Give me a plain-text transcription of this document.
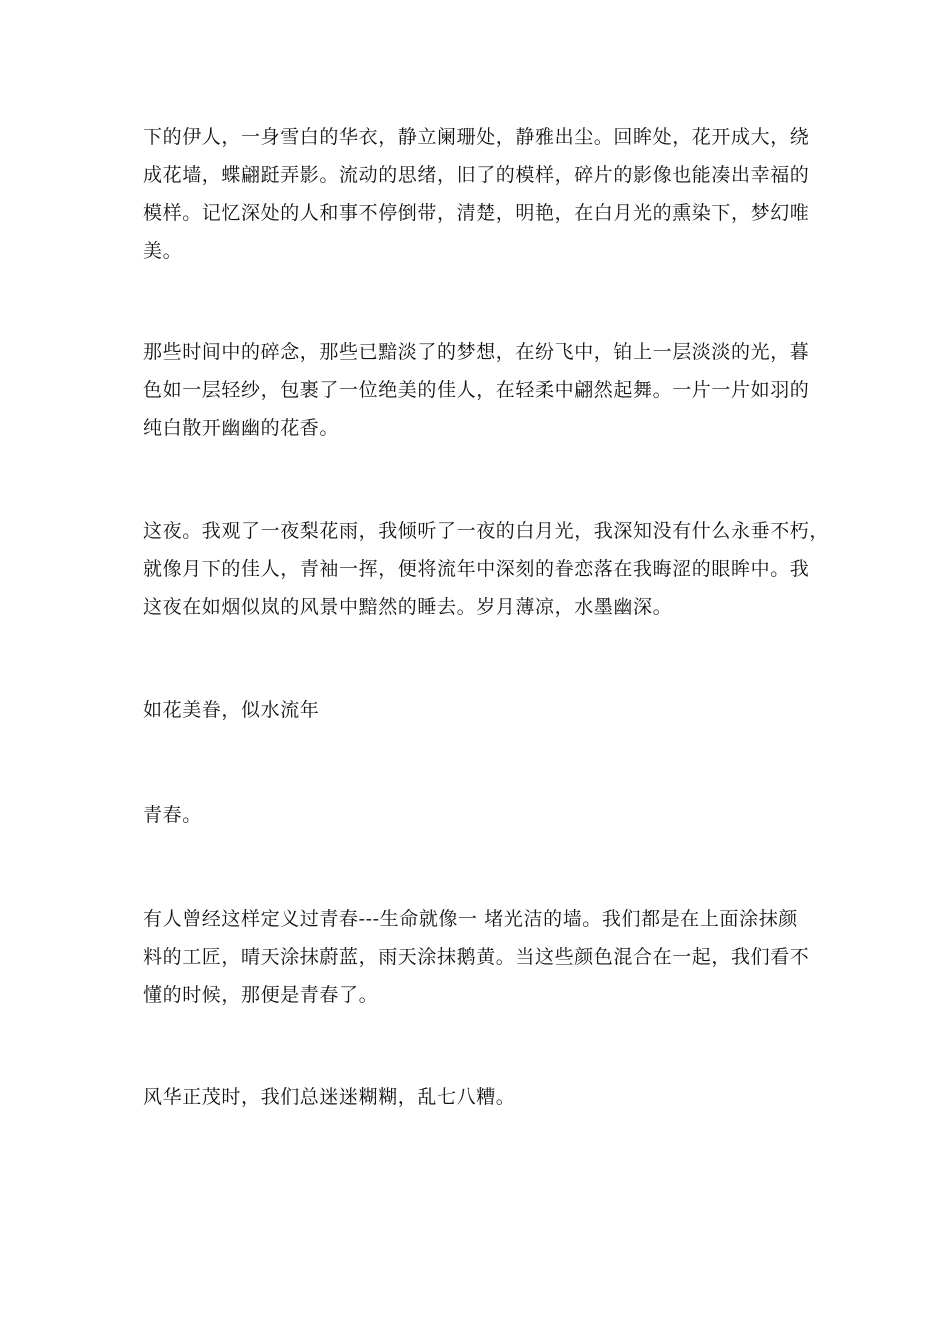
下的伊人，一身雪白的华衣，静立阑珊处，静雅出尘。回眸处，花开成大，绕
成花墙，蝶翩跹弄影。流动的思绪，旧了的模样，碎片的影像也能凑出幸福的
模样。记忆深处的人和事不停倒带，清楚，明艳，在白月光的熏染下，梦幻唯
美。

那些时间中的碎念，那些已黯淡了的梦想，在纷飞中，铂上一层淡淡的光，暮
色如一层轻纱，包裹了一位绝美的佳人，在轻柔中翩然起舞。一片一片如羽的
纯白散开幽幽的花香。

这夜。我观了一夜梨花雨，我倾听了一夜的白月光，我深知没有什么永垂不朽，
就像月下的佳人，青袖一挥，便将流年中深刻的眷恋落在我晦涩的眼眸中。我
这夜在如烟似岚的风景中黯然的睡去。岁月薄凉，水墨幽深。

如花美眷，似水流年

青春。

有人曾经这样定义过青春---生命就像一 堵光洁的墙。我们都是在上面涂抹颜
料的工匠，晴天涂抹蔚蓝，雨天涂抹鹅黄。当这些颜色混合在一起，我们看不
懂的时候，那便是青春了。

风华正茂时，我们总迷迷糊糊，乱七八糟。
